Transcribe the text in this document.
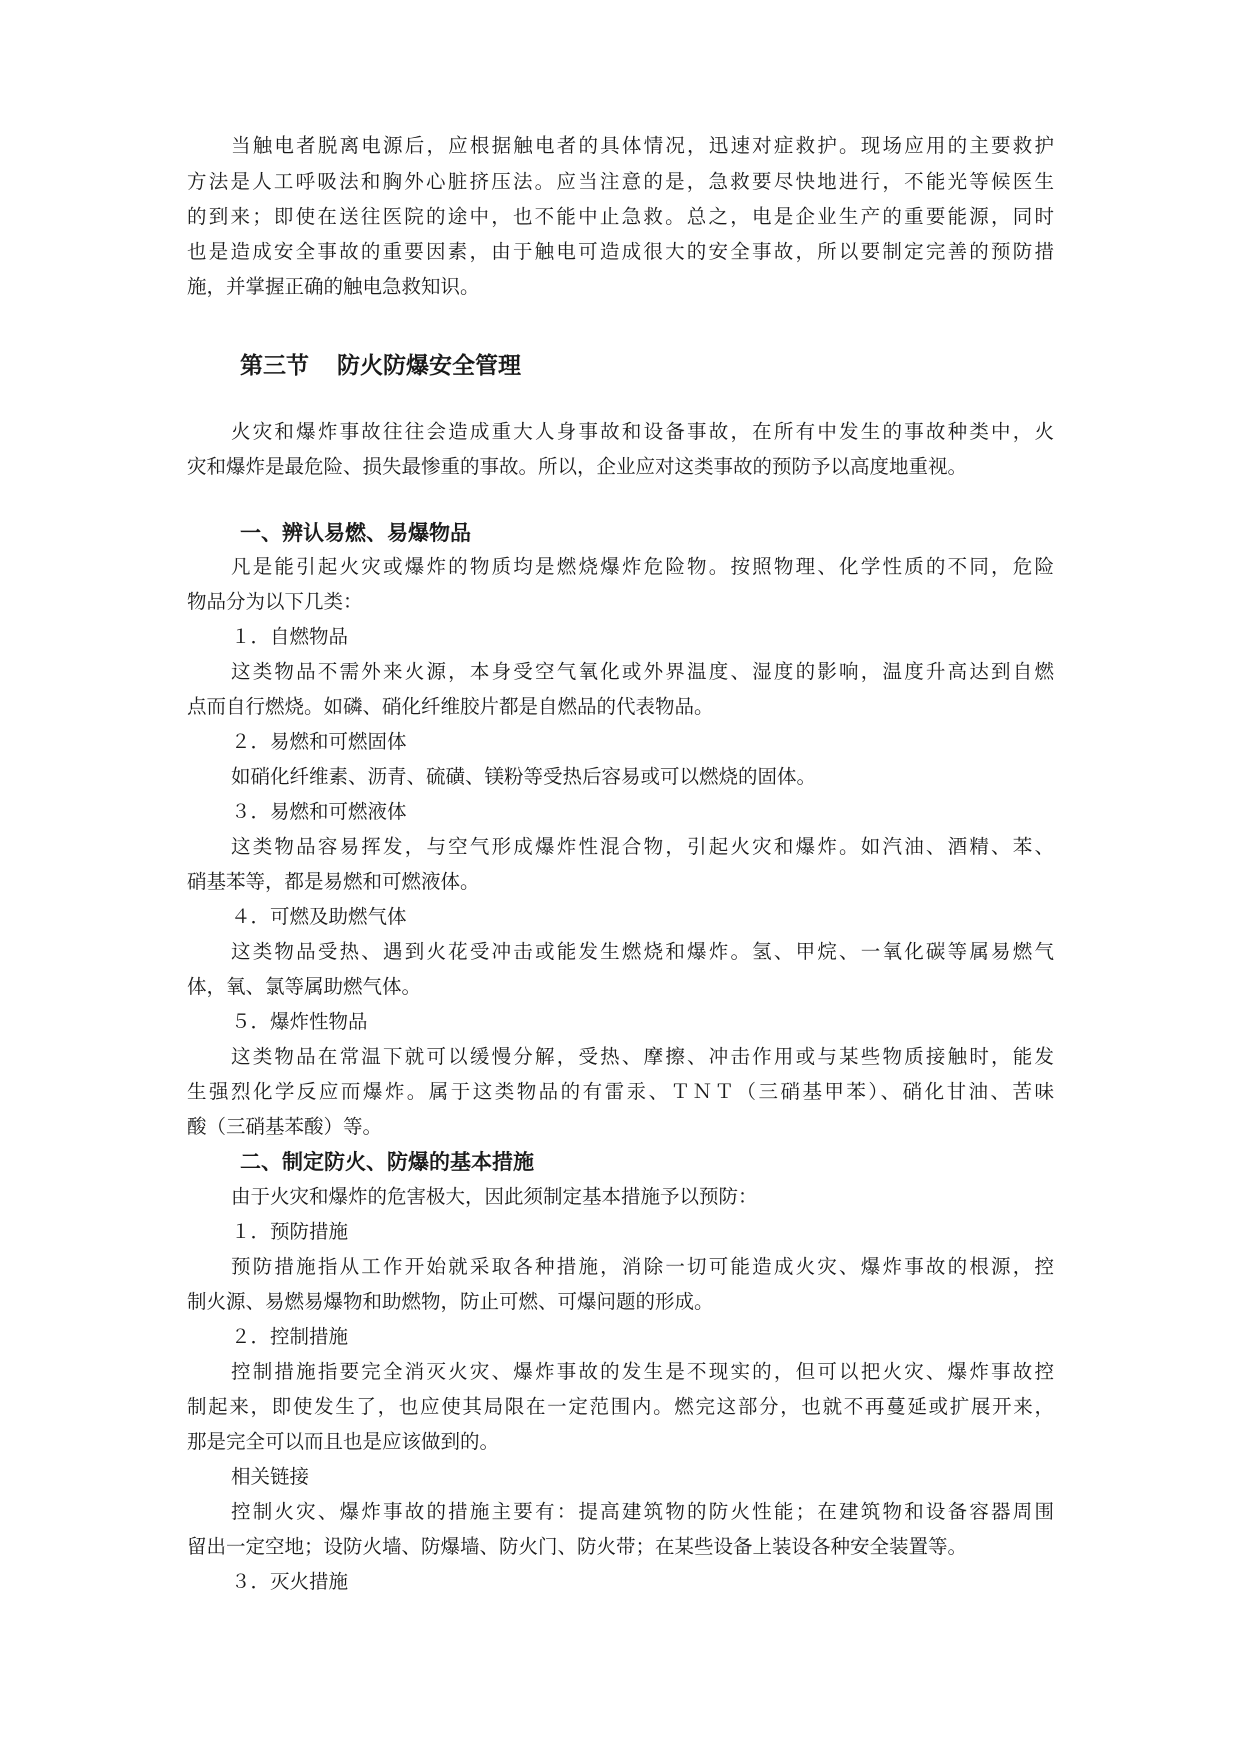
当触电者脱离电源后，应根据触电者的具体情况，迅速对症救护。现场应用的主要救护
方法是人工呼吸法和胸外心脏挤压法。应当注意的是，急救要尽快地进行，不能光等候医生
的到来；即使在送往医院的途中，也不能中止急救。总之，电是企业生产的重要能源，同时
也是造成安全事故的重要因素，由于触电可造成很大的安全事故，所以要制定完善的预防措
施，并掌握正确的触电急救知识。
第三节 防火防爆安全管理
火灾和爆炸事故往往会造成重大人身事故和设备事故，在所有中发生的事故种类中，火
灾和爆炸是最危险、损失最惨重的事故。所以，企业应对这类事故的预防予以高度地重视。
一、辨认易燃、易爆物品
凡是能引起火灾或爆炸的物质均是燃烧爆炸危险物。按照物理、化学性质的不同，危险
物品分为以下几类：
１．自燃物品
这类物品不需外来火源，本身受空气氧化或外界温度、湿度的影响，温度升高达到自燃
点而自行燃烧。如磷、硝化纤维胶片都是自燃品的代表物品。
２．易燃和可燃固体
如硝化纤维素、沥青、硫磺、镁粉等受热后容易或可以燃烧的固体。
３．易燃和可燃液体
这类物品容易挥发，与空气形成爆炸性混合物，引起火灾和爆炸。如汽油、酒精、苯、
硝基苯等，都是易燃和可燃液体。
４．可燃及助燃气体
这类物品受热、遇到火花受冲击或能发生燃烧和爆炸。氢、甲烷、一氧化碳等属易燃气
体，氧、氯等属助燃气体。
５．爆炸性物品
这类物品在常温下就可以缓慢分解，受热、摩擦、冲击作用或与某些物质接触时，能发
生强烈化学反应而爆炸。属于这类物品的有雷汞、ＴＮＴ（三硝基甲苯）、硝化甘油、苦味
酸（三硝基苯酸）等。
二、制定防火、防爆的基本措施
由于火灾和爆炸的危害极大，因此须制定基本措施予以预防：
１．预防措施
预防措施指从工作开始就采取各种措施，消除一切可能造成火灾、爆炸事故的根源，控
制火源、易燃易爆物和助燃物，防止可燃、可爆问题的形成。
２．控制措施
控制措施指要完全消灭火灾、爆炸事故的发生是不现实的，但可以把火灾、爆炸事故控
制起来，即使发生了，也应使其局限在一定范围内。燃完这部分，也就不再蔓延或扩展开来，
那是完全可以而且也是应该做到的。
相关链接
控制火灾、爆炸事故的措施主要有：提高建筑物的防火性能；在建筑物和设备容器周围
留出一定空地；设防火墙、防爆墙、防火门、防火带；在某些设备上装设各种安全装置等。
３．灭火措施
